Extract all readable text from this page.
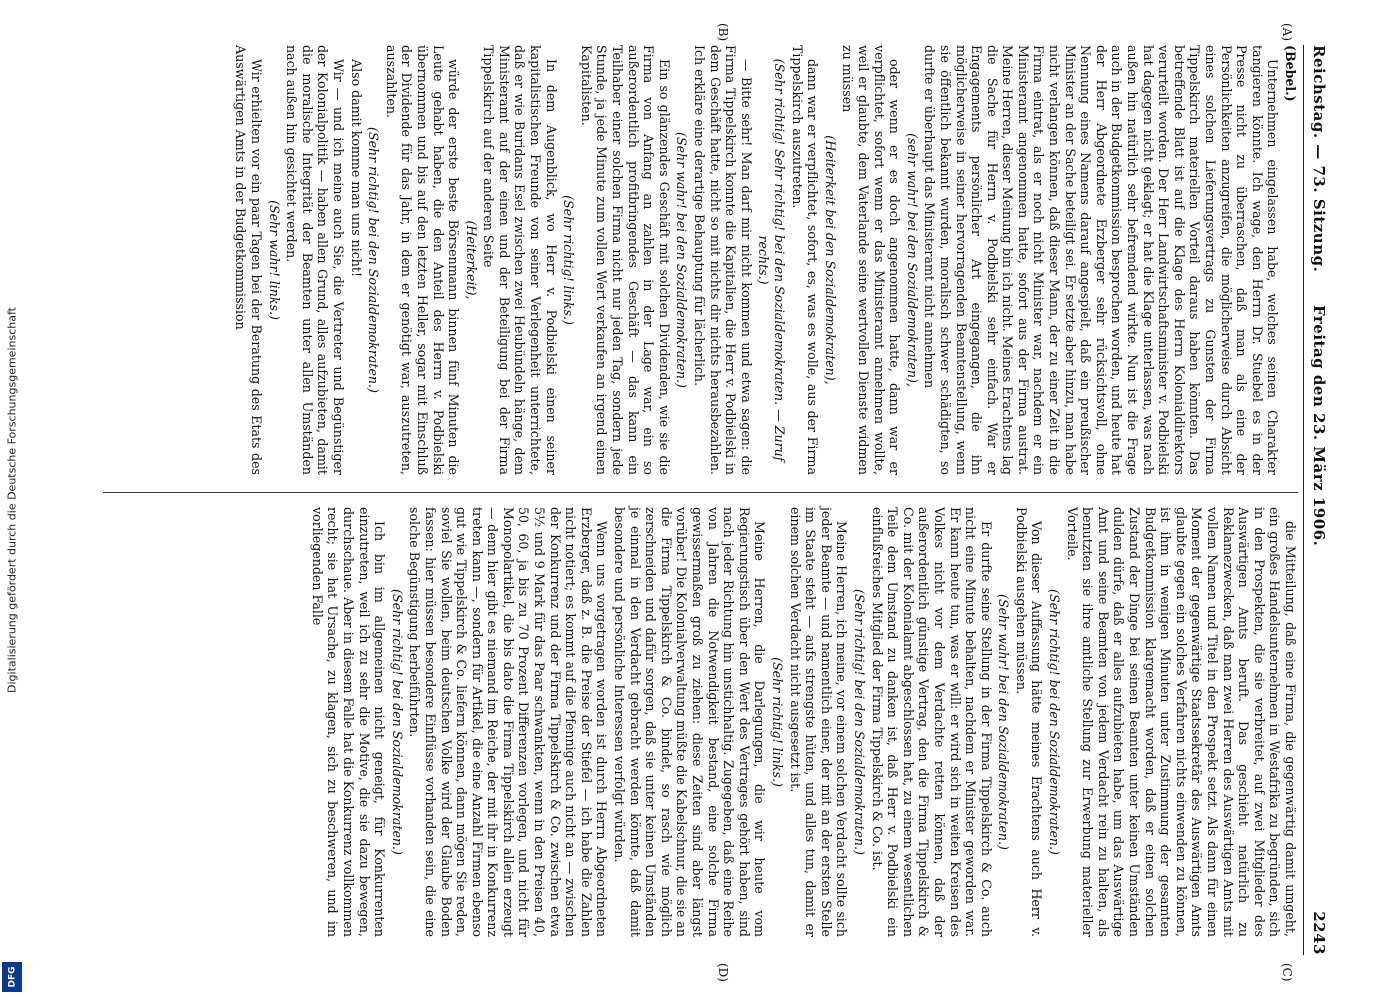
Digitalisierung gefördert durch die Deutsche Forschungsgemeinschaft
DFG
Reichstag. — 73. Sitzung.
Freitag den 23. März 1906.
2243
(A)
(B)
(C)
(D)

(Bebel.)

Unternehmen eingelassen habe, welches seinen Charakter tangieren könnte. Ich wage, den Herrn Dr. Stuebel es in der Presse nicht zu überraschen, daß man als eine der Persönlichkeiten anzugreifen, die möglicherweise durch Absicht eines solchen Lieferungsvertrags zu Gunsten der Firma Tippelskirch materiellen Vorteil daraus haben könnten. Das betreffende Blatt ist auf die Klage des Herrn Kolonialdirektors verurteilt worden. Der Herr Landwirtschaftsminister v. Podbielski hat dagegen nicht geklagt; er hat die Klage unterlassen, was nach außen hin natürlich sehr befremdend wirkte. Nun ist die Frage auch in der Budgetkommission besprochen worden, und heute hat der Herr Abgeordnete Erzberger sehr rücksichtsvoll, ohne Nennung eines Namens darauf angespielt, daß ein preußischer Minister an der Sache beteiligt sei. Er setzte aber hinzu, man habe nicht verlangen können, daß dieser Mann, der zu einer Zeit in die Firma eintrat, als er noch nicht Minister war, nachdem er ein Ministeramt angenommen hatte, sofort aus der Firma austrat. Meine Herren, dieser Meinung bin ich nicht. Meines Erachtens lag die Sache für Herrn v. Podbielski sehr einfach. War er Engagements persönlicher Art eingegangen, die ihn möglicherweise in seiner hervorragenden Beamtenstellung, wenn sie öffentlich bekannt wurden, moralisch schwer schädigten, so durfte er überhaupt das Ministeramt nicht annehmen

(sehr wahr! bei den Sozialdemokraten),

oder wenn er es doch angenommen hatte, dann war er verpflichtet, sofort wenn er das Ministeramt annehmen wollte, weil er glaubte, dem Vaterlande seine wertvollen Dienste widmen zu müssen

(Heiterkeit bei den Sozialdemokraten),

dann war er verpflichtet, sofort, es, was es wolle, aus der Firma Tippelskirch auszutreten.

(Sehr richtig! Sehr richtig! bei den Sozialdemokraten. — Zuruf rechts.)

— Bitte sehr! Man darf mir nicht kommen und etwa sagen: die Firma Tippelskirch konnte die Kapitalien, die Herr v. Podbielski in dem Geschäft hatte, nicht so mit nichts dir nichts herausbezahlen. Ich erkläre eine derartige Behauptung für lächerlich.

(Sehr wahr! bei den Sozialdemokraten.)

Ein so glänzendes Geschäft mit solchen Dividenden, wie sie die Firma von Anfang an zahlen in der Lage war, ein so außerordentlich profitbringendes Geschäft — das kann ein Teilhaber einer solchen Firma nicht nur jeden Tag, sondern jede Stunde, ja jede Minute zum vollen Wert verkaufen an irgend einen Kapitalisten.

(Sehr richtig! links.)

In dem Augenblick, wo Herr v. Podbielski einen seiner kapitalistischen Freunde von seiner Verlegenheit unterrichtete, daß er wie Buridans Esel zwischen zwei Heubündeln hänge, dem Ministeramt auf der einen und der Beteiligung bei der Firma Tippelskirch auf der anderen Seite

(Heiterkeit),

würde der erste beste Börsenmann binnen fünf Minuten die Leute gehabt haben, die den Anteil des Herrn v. Podbielski übernommen und bis auf den letzten Heller, sogar mit Einschluß der Dividende für das Jahr, in dem er genötigt war, auszutreten, auszahlten.

(Sehr richtig! bei den Sozialdemokraten.)

Also damit komme man uns nicht!

Wir — und ich meine auch Sie, die Vertreter und Begünstiger der Kolonialpolitik — haben allen Grund, alles aufzubieten, damit die moralische Integrität der Beamten unter allen Umständen nach außen hin gesichtet werden.

(Sehr wahr! links.)

Wir erhielten vor ein paar Tagen bei der Beratung des Etats des Auswärtigen Amts in der Budgetkommission

die Mitteilung, daß eine Firma, die gegenwärtig damit umgeht, ein großes Handelsunternehmen in Westafrika zu begründen, sich in den Prospekten, die sie verbreitet, auf zwei Mitglieder des Auswärtigen Amts beruft. Das geschieht natürlich zu Reklamezwecken, daß man zwei Herren des Auswärtigen Amts mit vollem Namen und Titel in den Prospekt setzt. Als dann für einen Moment der gegenwärtige Staatssekretär des Auswärtigen Amts glaubte gegen ein solches Verfahren nichts einwenden zu können, ist ihm in wenigen Minuten unter Zustimmung der gesamten Budgetkommission klargemacht worden, daß er einen solchen Zustand der Dinge bei seinen Beamten unter keinen Umständen dulden dürfe, daß er alles aufzubieten habe, um das Auswärtige Amt und seine Beamten von jedem Verdacht rein zu halten, als benutzten sie ihre amtliche Stellung zur Erwerbung materieller Vorteile.

(Sehr richtig! bei den Sozialdemokraten.)

Von dieser Auffassung hätte meines Erachtens auch Herr v. Podbielski ausgehen müssen.

(Sehr wahr! bei den Sozialdemokraten.)

Er durfte seine Stellung in der Firma Tippelskirch & Co. auch nicht eine Minute behalten, nachdem er Minister geworden war. Er kann heute tun, was er will: er wird sich in weiten Kreisen des Volkes nicht vor dem Verdachte retten können, daß der außerordentlich günstige Vertrag, den die Firma Tippelskirch & Co. mit der Kolonialamt abgeschlossen hat, zu einem wesentlichen Teile dem Umstand zu danken ist, daß Herr v. Podbielski ein einflußreiches Mitglied der Firma Tippelskirch & Co. ist.

(Sehr richtig! bei den Sozialdemokraten.)

Meine Herren, ich meine, vor einem solchen Verdacht sollte sich jeder Beamte — und namentlich einer, der mit an der ersten Stelle im Staate steht — aufs strengste hüten, und alles tun, damit er einem solchen Verdacht nicht ausgesetzt ist.

(Sehr richtig! links.)

Meine Herren, die Darlegungen, die wir heute vom Regierungstisch über den Wert des Vertrages gehört haben, sind nach jeder Richtung hin unstichhaltig. Zugegeben, daß eine Reihe von Jahren die Notwendigkeit bestand, eine solche Firma gewissermaßen groß zu ziehen: diese Zeiten sind aber längst vorüber! Die Kolonialverwaltung müßte die Kabelschnur, die sie an die Firma Tippelskirch & Co. bindet, so rasch wie möglich zerschneiden und dafür sorgen, daß sie unter keinen Umständen je einmal in den Verdacht gebracht werden könnte, daß damit besondere und persönliche Interessen verfolgt würden.

Wenn uns vorgetragen worden ist durch Herrn Abgeordneten Erzberger, daß z. B. die Preise der Stiefel — ich habe die Zahlen nicht notiert; es kommt auf die Pfennige auch nicht an — zwischen der Konkurrenz und der Firma Tippelskirch & Co. zwischen etwa 5½ und 9 Mark für das Paar schwankten, wenn in den Preisen 40, 50, 60, ja bis zu 70 Prozent Differenzen vorlegen, und nicht für Monopolartikel, die bis dato die Firma Tippelskirch allein erzeugt — denn hier gibt es niemand im Reiche, der mit ihr in Konkurrenz treten kann —, sondern für Artikel, die eine Anzahl Firmen ebenso gut wie Tippelskirch & Co. liefern können, dann mögen Sie reden, soviel Sie wollen, beim deutschen Volke wird der Glaube Boden fassen: hier müssen besondere Einflüsse vorhanden sein, die eine solche Begünstigung herbeiführten.

(Sehr richtig! bei den Sozialdemokraten.)

Ich bin im allgemeinen nicht geneigt, für Konkurrenten einzutreten, weil ich zu sehr die Motive, die sie dazu bewegen, durchschaue. Aber in diesem Falle hat die Konkurrenz vollkommen recht; sie hat Ursache, zu klagen, sich zu beschweren, und im vorliegenden Falle
